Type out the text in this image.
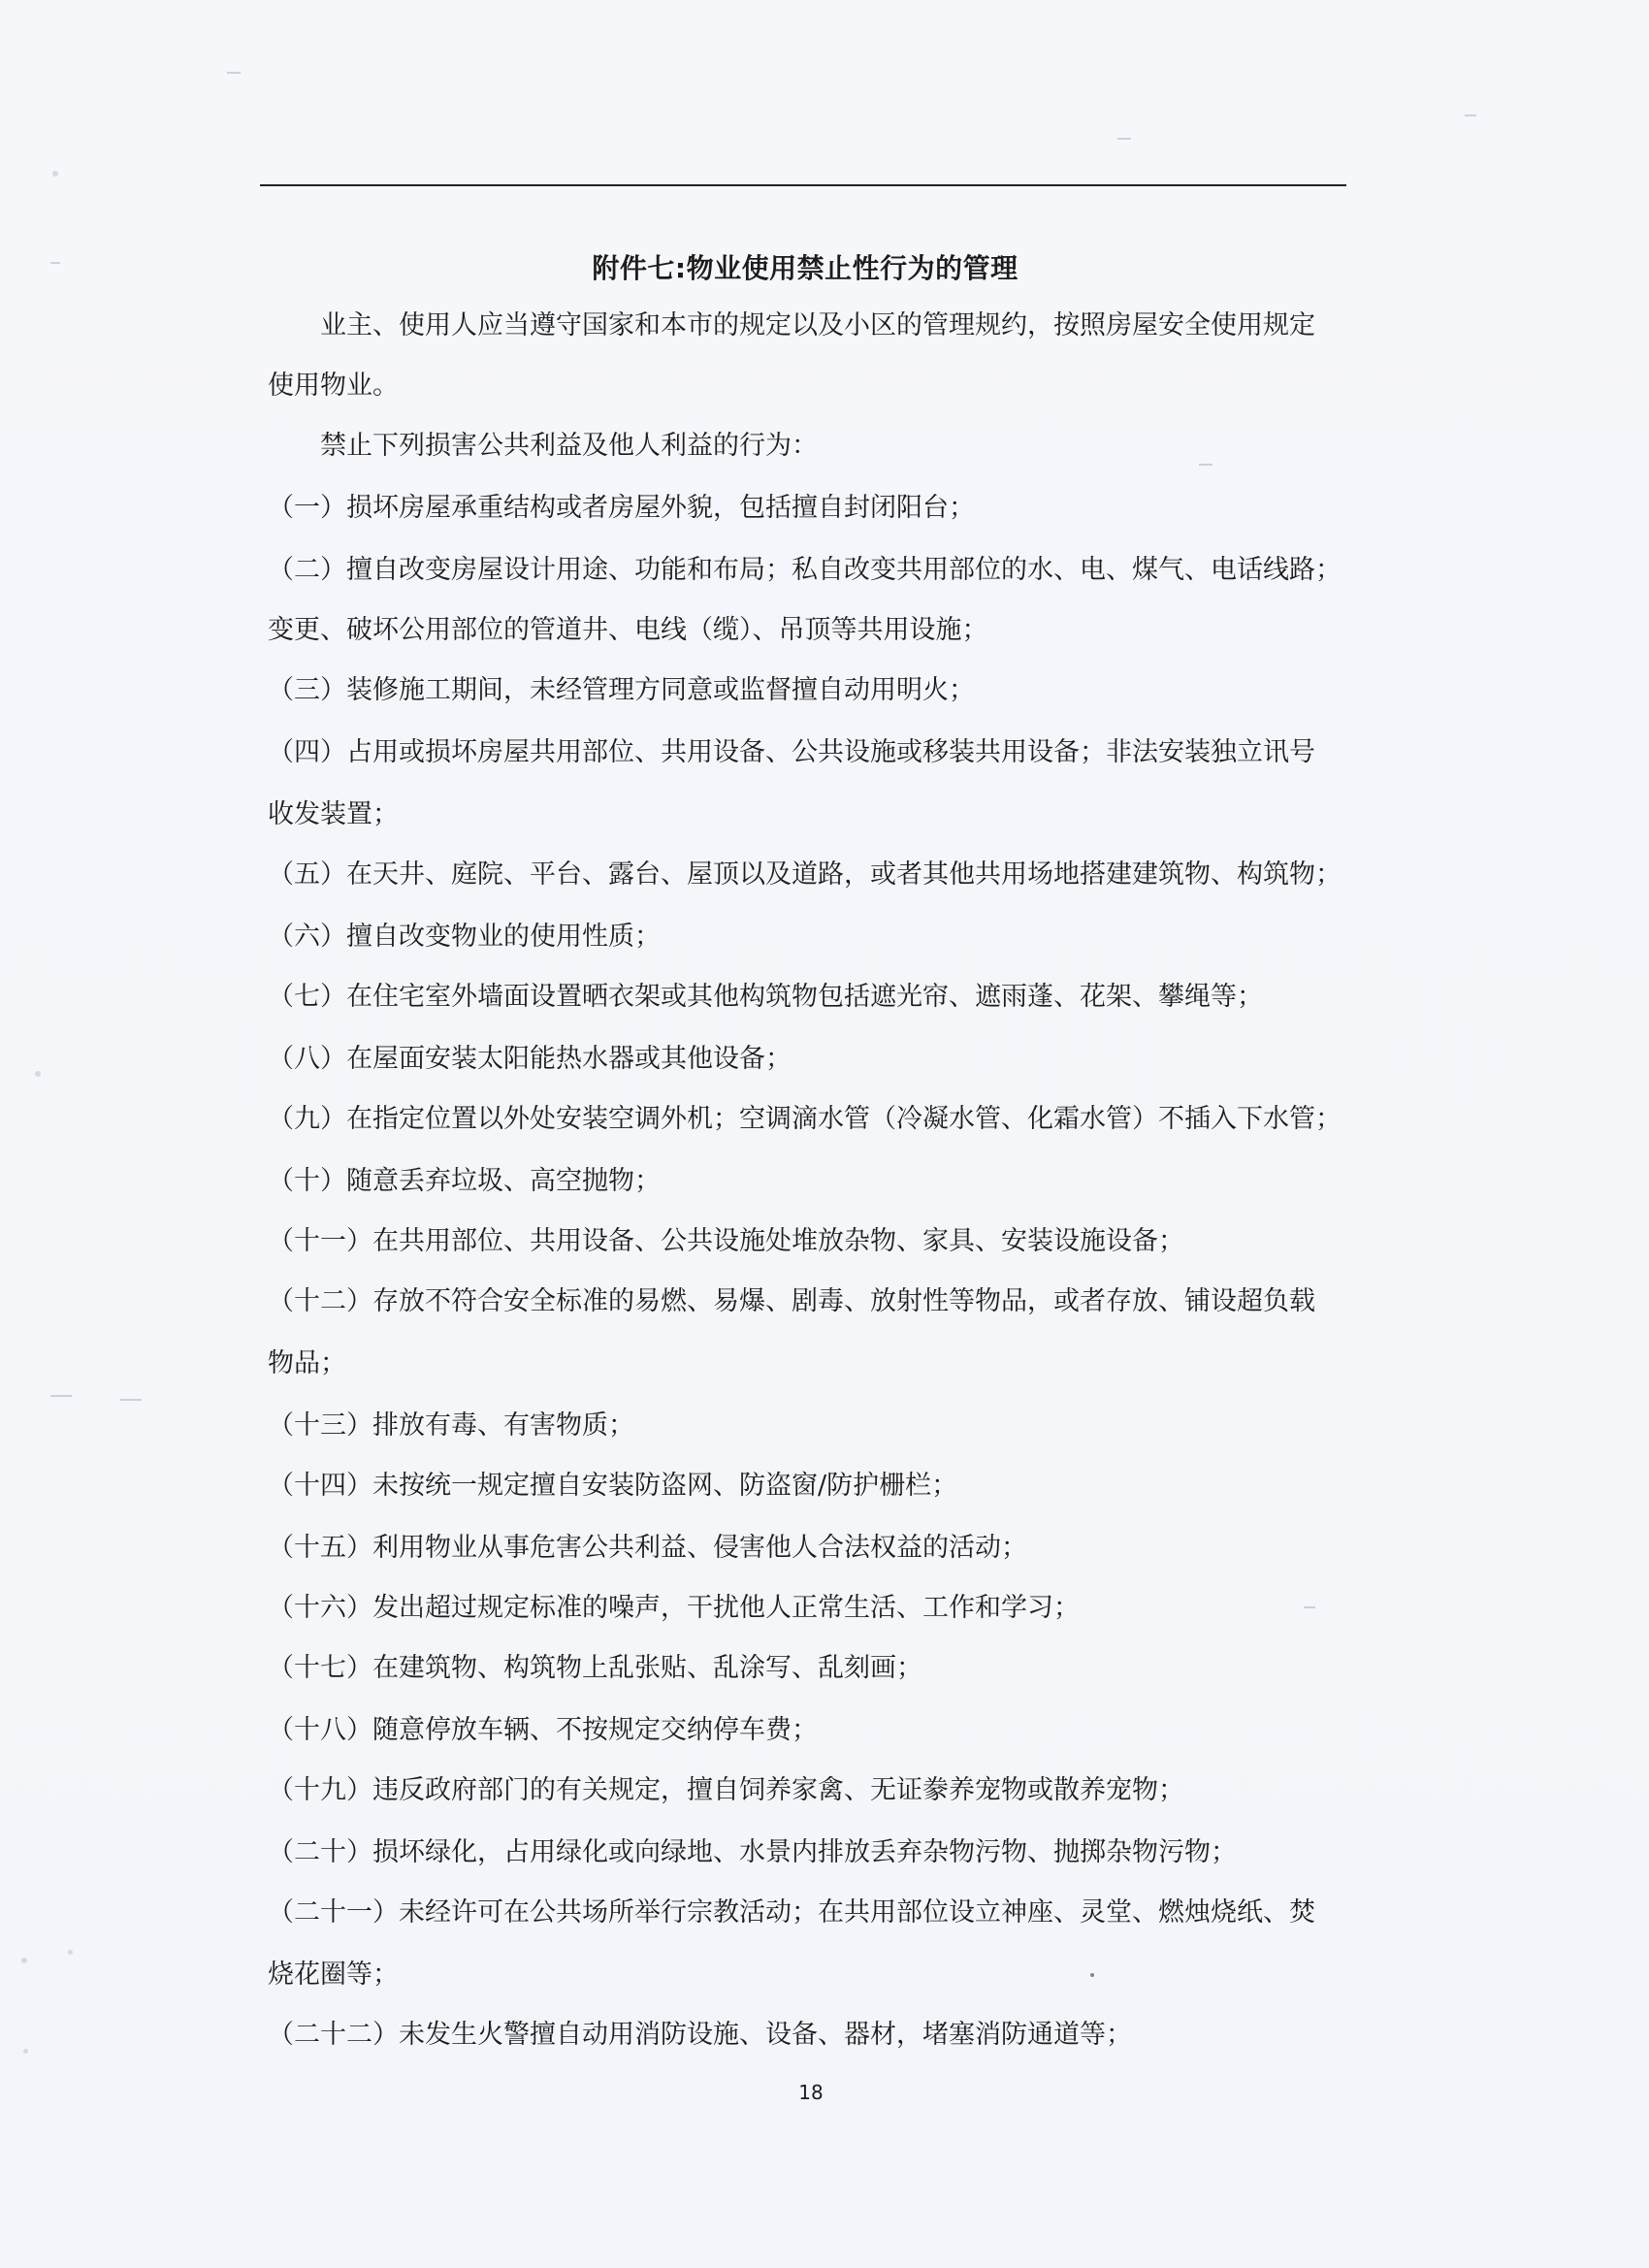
附件七:物业使用禁止性行为的管理
业主、使用人应当遵守国家和本市的规定以及小区的管理规约，按照房屋安全使用规定
使用物业。
禁止下列损害公共利益及他人利益的行为：
（一）损坏房屋承重结构或者房屋外貌，包括擅自封闭阳台；
（二）擅自改变房屋设计用途、功能和布局；私自改变共用部位的水、电、煤气、电话线路；
变更、破坏公用部位的管道井、电线（缆）、吊顶等共用设施；
（三）装修施工期间，未经管理方同意或监督擅自动用明火；
（四）占用或损坏房屋共用部位、共用设备、公共设施或移装共用设备；非法安装独立讯号
收发装置；
（五）在天井、庭院、平台、露台、屋顶以及道路，或者其他共用场地搭建建筑物、构筑物；
（六）擅自改变物业的使用性质；
（七）在住宅室外墙面设置晒衣架或其他构筑物包括遮光帘、遮雨蓬、花架、攀绳等；
（八）在屋面安装太阳能热水器或其他设备；
（九）在指定位置以外处安装空调外机；空调滴水管（冷凝水管、化霜水管）不插入下水管；
（十）随意丢弃垃圾、高空抛物；
（十一）在共用部位、共用设备、公共设施处堆放杂物、家具、安装设施设备；
（十二）存放不符合安全标准的易燃、易爆、剧毒、放射性等物品，或者存放、铺设超负载
物品；
（十三）排放有毒、有害物质；
（十四）未按统一规定擅自安装防盗网、防盗窗/防护栅栏；
（十五）利用物业从事危害公共利益、侵害他人合法权益的活动；
（十六）发出超过规定标准的噪声，干扰他人正常生活、工作和学习；
（十七）在建筑物、构筑物上乱张贴、乱涂写、乱刻画；
（十八）随意停放车辆、不按规定交纳停车费；
（十九）违反政府部门的有关规定，擅自饲养家禽、无证豢养宠物或散养宠物；
（二十）损坏绿化，占用绿化或向绿地、水景内排放丢弃杂物污物、抛掷杂物污物；
（二十一）未经许可在公共场所举行宗教活动；在共用部位设立神座、灵堂、燃烛烧纸、焚
烧花圈等；
（二十二）未发生火警擅自动用消防设施、设备、器材，堵塞消防通道等；
18
